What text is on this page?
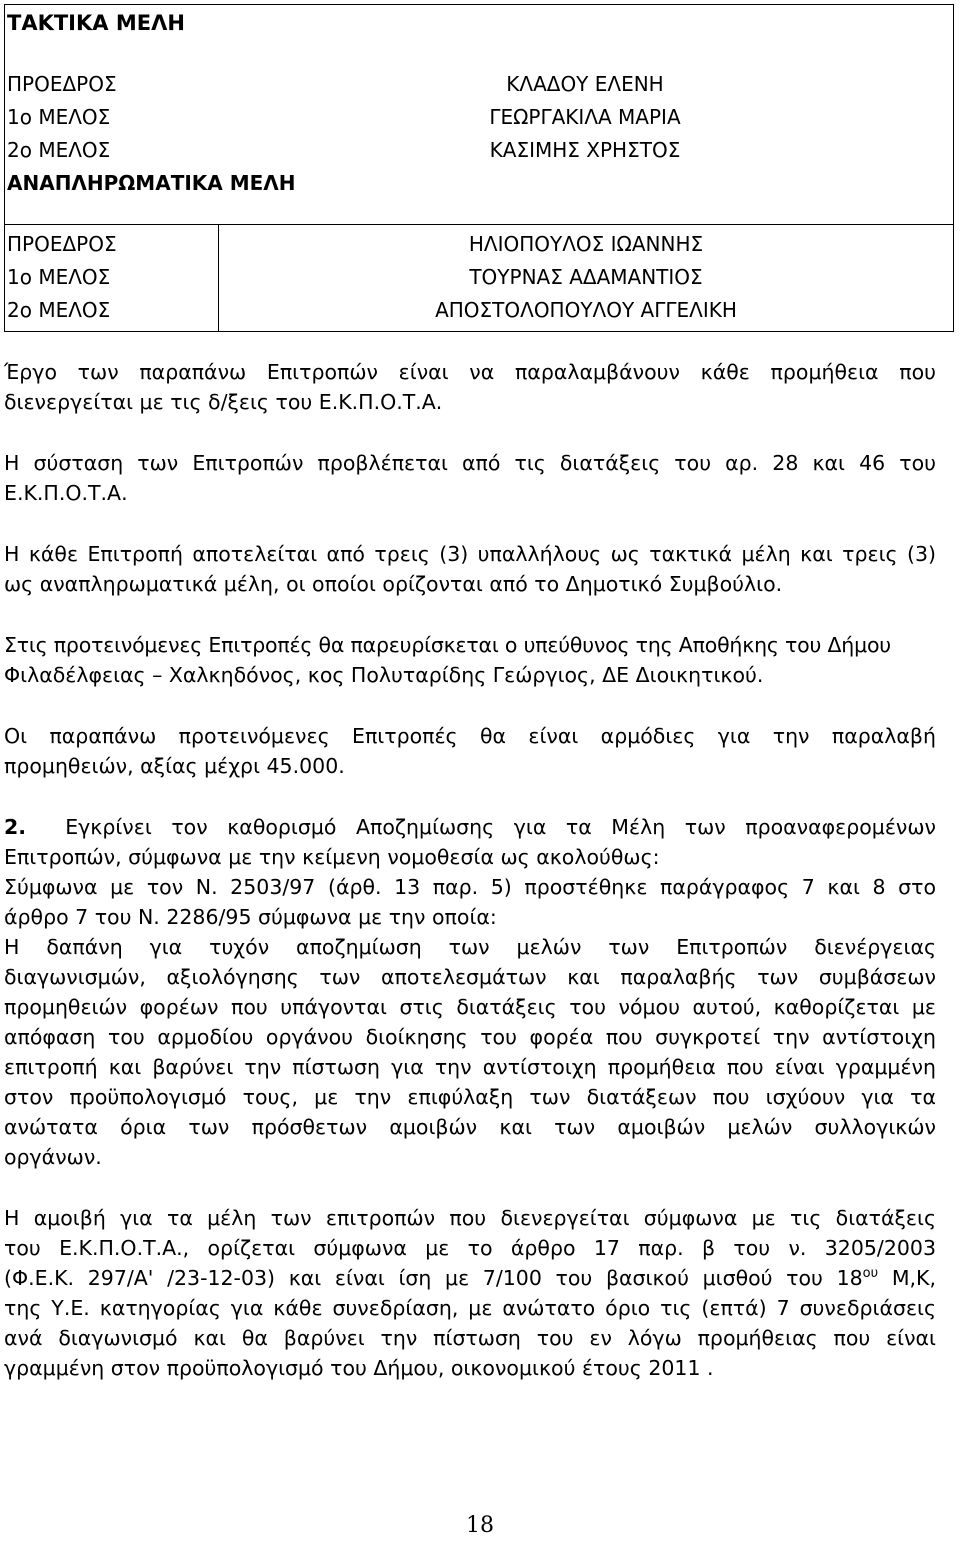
ΤΑΚΤΙΚΑ ΜΕΛΗ
ΠΡΟΕΔΡΟΣ
1ο ΜΕΛΟΣ
2ο ΜΕΛΟΣ
ΚΛΑΔΟΥ ΕΛΕΝΗ
ΓΕΩΡΓΑΚΙΛΑ ΜΑΡΙΑ
ΚΑΣΙΜΗΣ ΧΡΗΣΤΟΣ
ΑΝΑΠΛΗΡΩΜΑΤΙΚΑ ΜΕΛΗ
ΠΡΟΕΔΡΟΣ
1ο ΜΕΛΟΣ
2ο ΜΕΛΟΣ
ΗΛΙΟΠΟΥΛΟΣ ΙΩΑΝΝΗΣ
ΤΟΥΡΝΑΣ ΑΔΑΜΑΝΤΙΟΣ
ΑΠΟΣΤΟΛΟΠΟΥΛΟΥ ΑΓΓΕΛΙΚΗ

Έργο των παραπάνω Επιτροπών είναι να παραλαμβάνουν κάθε προμήθεια που
διενεργείται με τις δ/ξεις του Ε.Κ.Π.Ο.Τ.Α.

Η σύσταση των Επιτροπών προβλέπεται από τις διατάξεις του αρ. 28 και 46 του
Ε.Κ.Π.Ο.Τ.Α.

Η κάθε Επιτροπή αποτελείται από τρεις (3) υπαλλήλους ως τακτικά μέλη και τρεις (3)
ως αναπληρωματικά μέλη, οι οποίοι ορίζονται από το Δημοτικό Συμβούλιο.

Στις προτεινόμενες Επιτροπές θα παρευρίσκεται ο υπεύθυνος της Αποθήκης του Δήμου
Φιλαδέλφειας – Χαλκηδόνος, κος Πολυταρίδης Γεώργιος, ΔΕ Διοικητικού.

Οι παραπάνω προτεινόμενες Επιτροπές θα είναι αρμόδιες για την παραλαβή
προμηθειών, αξίας μέχρι 45.000.

2. Εγκρίνει τον καθορισμό Αποζημίωσης για τα Μέλη των προαναφερομένων
Επιτροπών, σύμφωνα με την κείμενη νομοθεσία ως ακολούθως:
Σύμφωνα με τον Ν. 2503/97 (άρθ. 13 παρ. 5) προστέθηκε παράγραφος 7 και 8 στο
άρθρο 7 του Ν. 2286/95 σύμφωνα με την οποία:
Η δαπάνη για τυχόν αποζημίωση των μελών των Επιτροπών διενέργειας
διαγωνισμών, αξιολόγησης των αποτελεσμάτων και παραλαβής των συμβάσεων
προμηθειών φορέων που υπάγονται στις διατάξεις του νόμου αυτού, καθορίζεται με
απόφαση του αρμοδίου οργάνου διοίκησης του φορέα που συγκροτεί την αντίστοιχη
επιτροπή και βαρύνει την πίστωση για την αντίστοιχη προμήθεια που είναι γραμμένη
στον προϋπολογισμό τους, με την επιφύλαξη των διατάξεων που ισχύουν για τα
ανώτατα όρια των πρόσθετων αμοιβών και των αμοιβών μελών συλλογικών
οργάνων.

Η αμοιβή για τα μέλη των επιτροπών που διενεργείται σύμφωνα με τις διατάξεις
του Ε.Κ.Π.Ο.Τ.Α., ορίζεται σύμφωνα με το άρθρο 17 παρ. β του ν. 3205/2003
(Φ.Ε.Κ. 297/Α' /23-12-03) και είναι ίση με 7/100 του βασικού μισθού του $18^{o\upsilon}$ Μ,Κ,
της Υ.Ε. κατηγορίας για κάθε συνεδρίαση, με ανώτατο όριο τις (επτά) 7 συνεδριάσεις
ανά διαγωνισμό και θα βαρύνει την πίστωση του εν λόγω προμήθειας που είναι
γραμμένη στον προϋπολογισμό του Δήμου, οικονομικού έτους 2011 .

18
